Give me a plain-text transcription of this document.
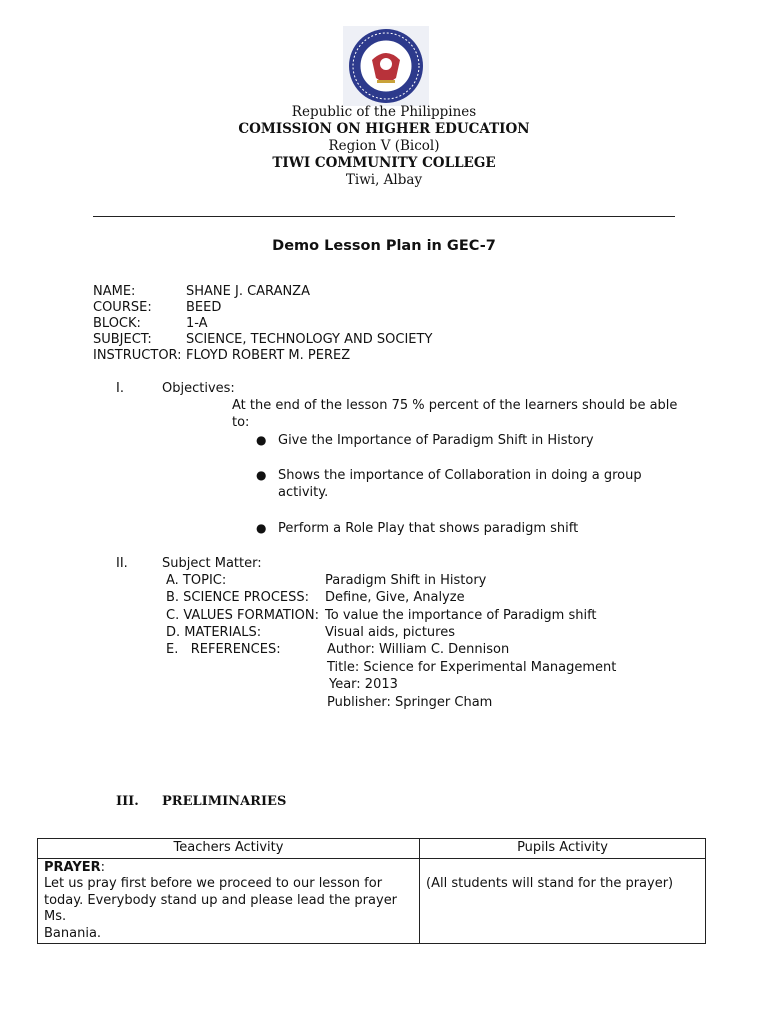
Republic of the Philippines
COMISSION ON HIGHER EDUCATION
Region V (Bicol)
TIWI COMMUNITY COLLEGE
Tiwi, Albay
Demo Lesson Plan in GEC-7
NAME:	SHANE J. CARANZA
COURSE:	BEED
BLOCK:	1-A
SUBJECT:	SCIENCE, TECHNOLOGY AND SOCIETY
INSTRUCTOR: FLOYD ROBERT M. PEREZ
I.	Objectives:
At the end of the lesson 75 % percent of the learners should be able
to:
● Give the Importance of Paradigm Shift in History
● Shows the importance of Collaboration in doing a group
activity.
● Perform a Role Play that shows paradigm shift
II.	Subject Matter:
A. TOPIC:	Paradigm Shift in History
B. SCIENCE PROCESS: Define, Give, Analyze
C. VALUES FORMATION: To value the importance of Paradigm shift
D. MATERIALS:	Visual aids, pictures
E.   REFERENCES:	Author: William C. Dennison
Title: Science for Experimental Management
Year: 2013
Publisher: Springer Cham
III. PRELIMINARIES
Teachers Activity	Pupils Activity

PRAYER:
Let us pray first before we proceed to our lesson for
today. Everybody stand up and please lead the prayer Ms.
Banania.	(All students will stand for the prayer)
